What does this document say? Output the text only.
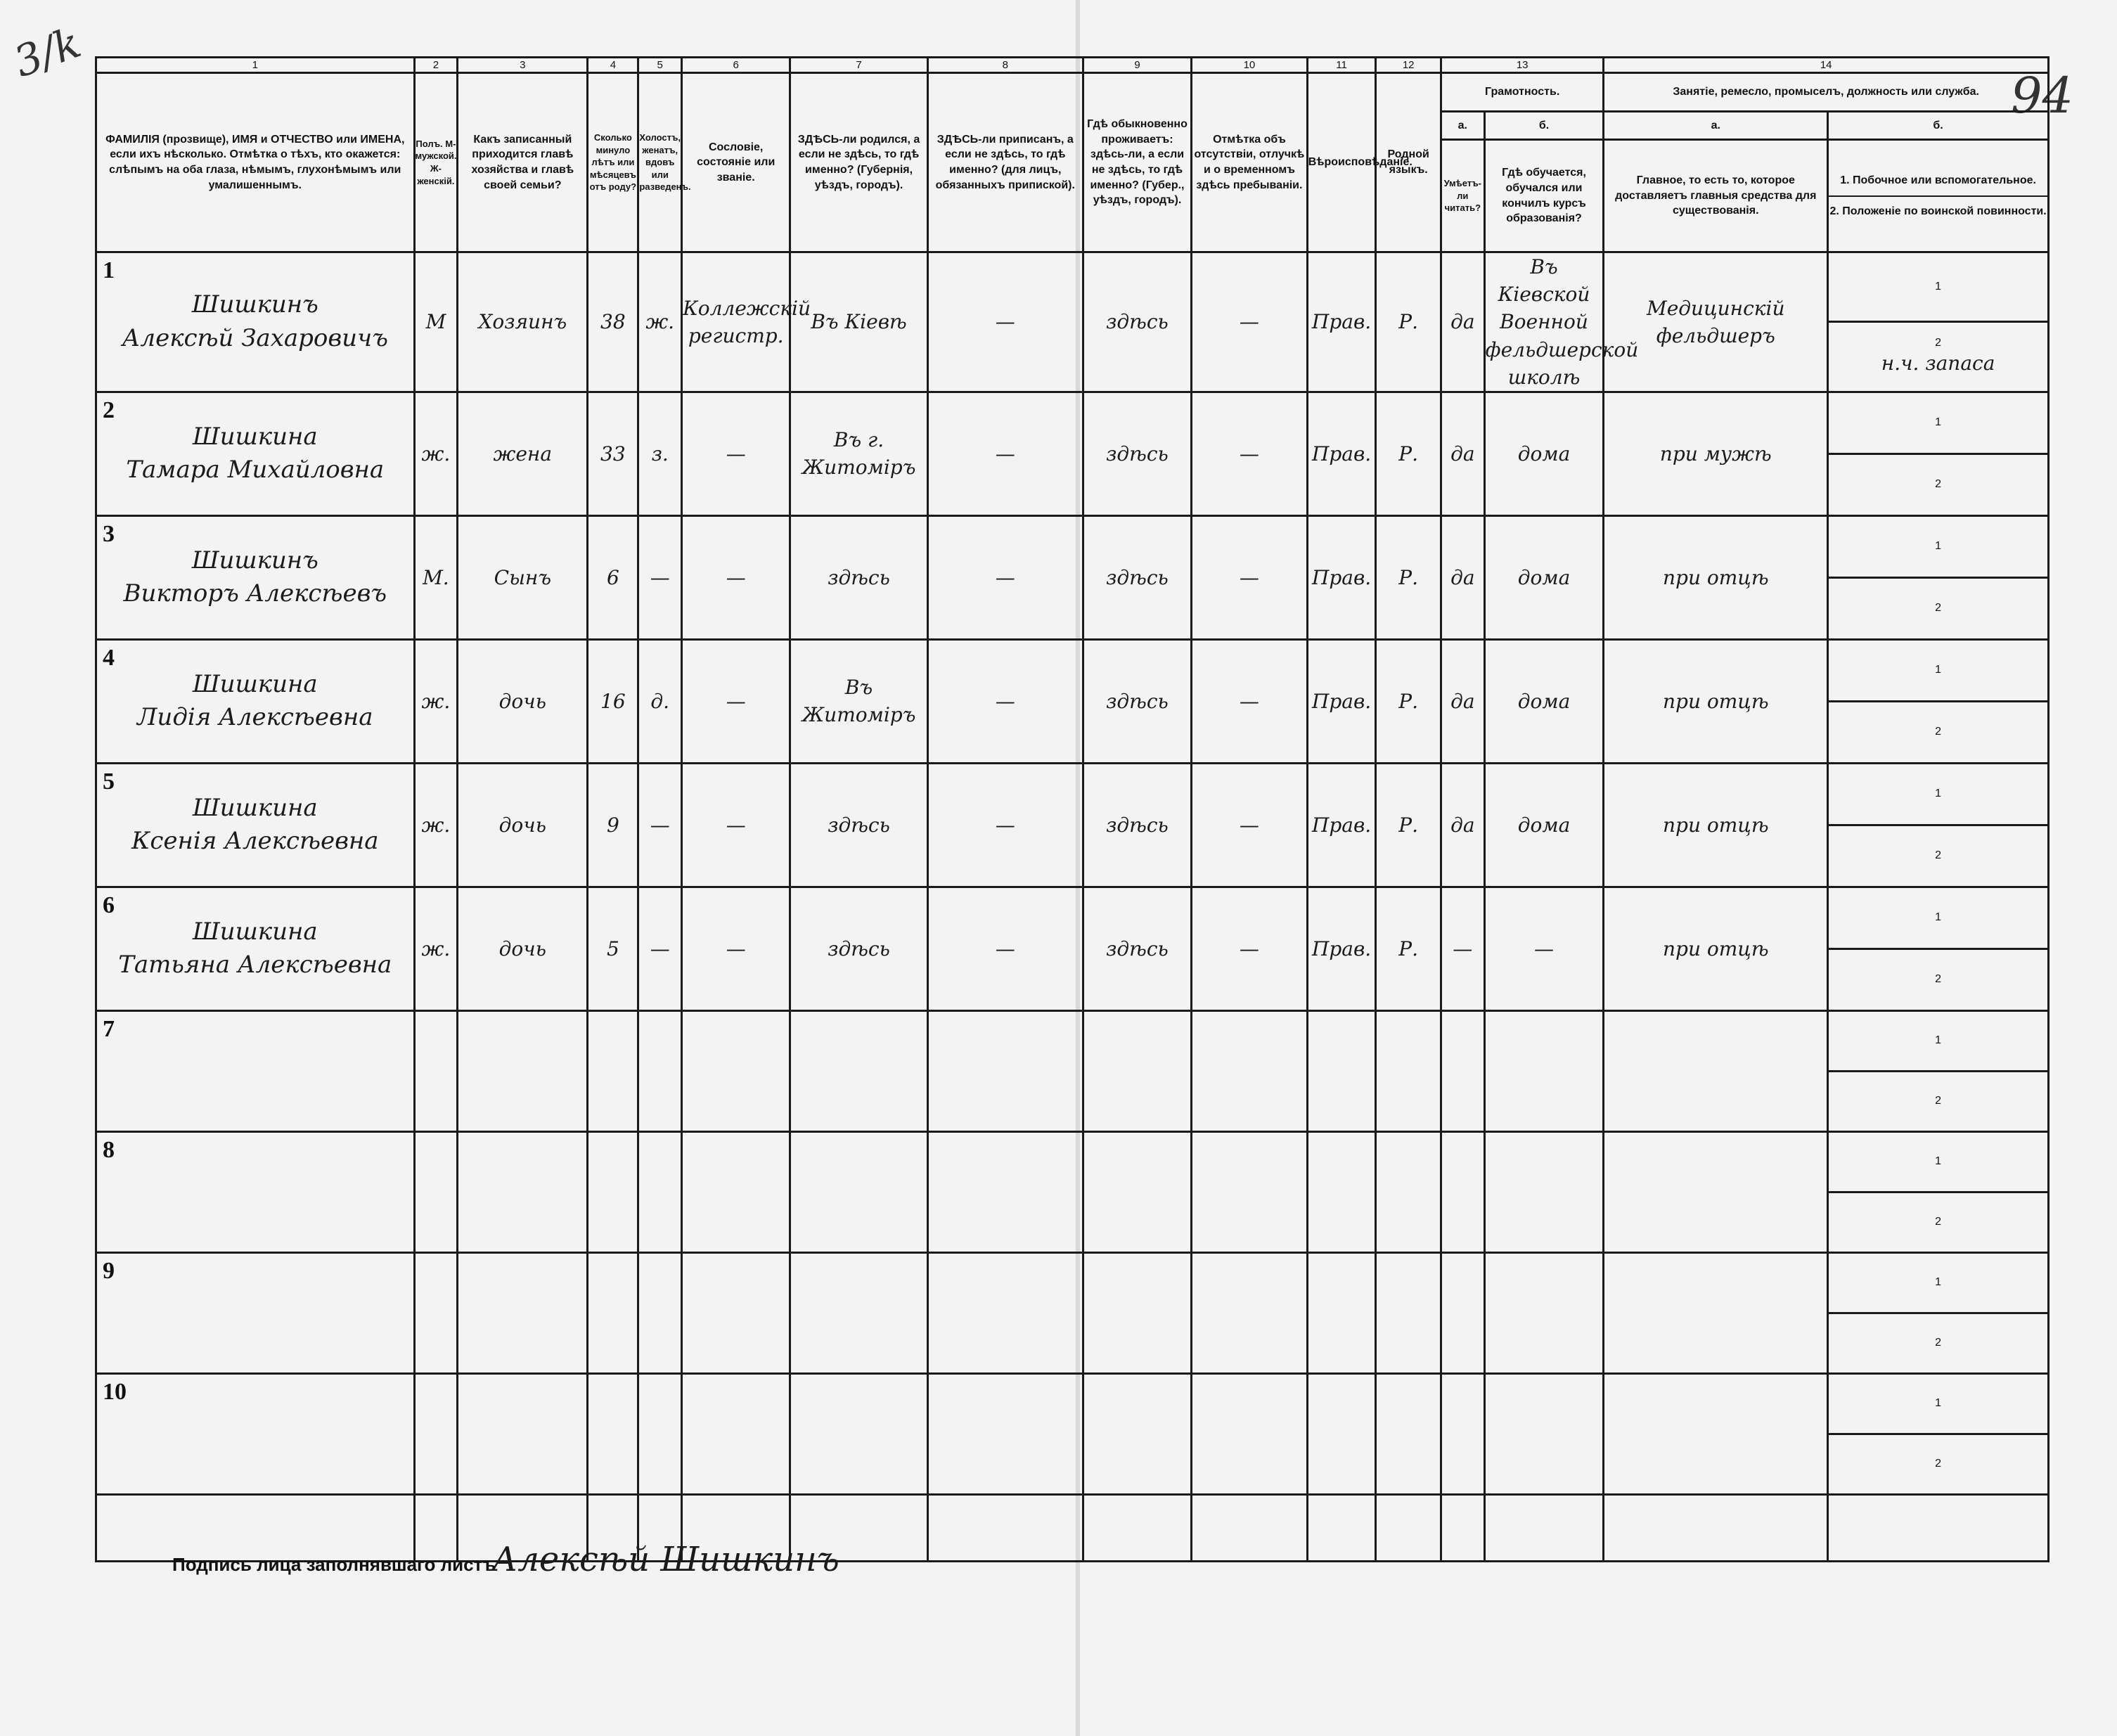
3/k
94
1	2	3	4	5	6	7	8	9	10	11	12	13		14	
ФАМИЛІЯ (прозвище), ИМЯ и ОТЧЕСТВО или ИМЕНА, если ихъ нѣсколько. Отмѣтка о тѣхъ, кто окажется: слѣпымъ на оба глаза, нѣмымъ, глухонѣмымъ или умалишеннымъ.	Полъ. М-мужской. Ж-женскій.	Какъ записанный приходится главѣ хозяйства и главѣ своей семьи?	Сколько минуло лѣтъ или мѣсяцевъ отъ роду?	Холостъ, женатъ, вдовъ или разведенъ.	Сословіе, состояніе или званіе.	ЗДѢСЬ-ли родился, а если не здѣсь, то гдѣ именно? (Губернія, уѣздъ, городъ).	ЗДѢСЬ-ли приписанъ, а если не здѣсь, то гдѣ именно? (для лицъ, обязанныхъ припиской).	Гдѣ обыкновенно проживаетъ: здѣсь-ли, а если не здѣсь, то гдѣ именно? (Губер., уѣздъ, городъ).	Отмѣтка объ отсутствіи, отлучкѣ и о временномъ здѣсь пребываніи.	Вѣроисповѣданіе.	Родной языкъ.	Грамотность.		Занятіе, ремесло, промыселъ, должность или служба.	
												а.	б.	а.	б.
												Умѣетъ-ли читать?	Гдѣ обучается, обучался или кончилъ курсъ образованія?	Главное, то есть то, которое доставляетъ главныя средства для существованія.	1. Побочное или вспомогательное.
2. Положеніе по воинской повинности.

1
Шишкинъ
Алексѣй Захаровичъ	М	Хозяинъ	38	ж.	Коллежскій регистр.	Въ Кіевѣ	—	здѣсь	—	Прав.	Р.	да	Въ Кіевской Военной фельдшерской школѣ	Медицинскій фельдшеръ	1

															2
н.ч. запаса

2
Шишкина
Тамара Михайловна	ж.	жена	33	з.	—	Въ г. Житоміръ	—	здѣсь	—	Прав.	Р.	да	дома	при мужѣ	1

															2

3
Шишкинъ
Викторъ Алексѣевъ	М.	Сынъ	6	—	—	здѣсь	—	здѣсь	—	Прав.	Р.	да	дома	при отцѣ	1

															2

4
Шишкина
Лидія Алексѣевна	ж.	дочь	16	д.	—	Въ Житоміръ	—	здѣсь	—	Прав.	Р.	да	дома	при отцѣ	1

															2

5
Шишкина
Ксенія Алексѣевна	ж.	дочь	9	—	—	здѣсь	—	здѣсь	—	Прав.	Р.	да	дома	при отцѣ	1

															2

6
Шишкина
Татьяна Алексѣевна	ж.	дочь	5	—	—	здѣсь	—	здѣсь	—	Прав.	Р.	—	—	при отцѣ	1

															2

7															1
															2

8															1
															2

9															1
															2

10															1
															2

Подпись лица заполнявшаго листъ
Алексѣй Шишкинъ
